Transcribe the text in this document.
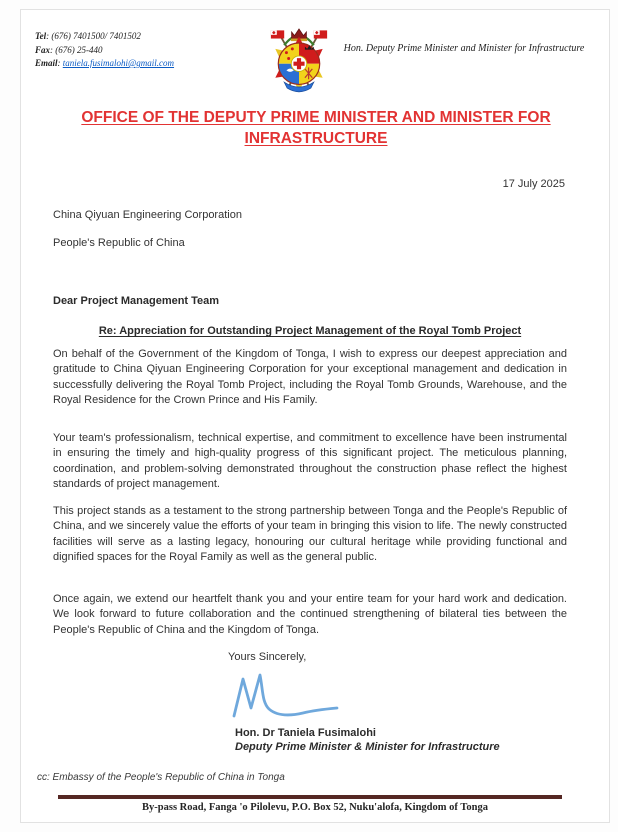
Tel: (676) 7401500/ 7401502
Fax: (676) 25-440
Email: taniela.fusimalohi@gmail.com
Hon. Deputy Prime Minister and Minister for Infrastructure
OFFICE OF THE DEPUTY PRIME MINISTER AND MINISTER FOR INFRASTRUCTURE
17 July 2025
China Qiyuan Engineering Corporation
People's Republic of China
Dear Project Management Team
Re: Appreciation for Outstanding Project Management of the Royal Tomb Project
On behalf of the Government of the Kingdom of Tonga, I wish to express our deepest appreciation and gratitude to China Qiyuan Engineering Corporation for your exceptional management and dedication in successfully delivering the Royal Tomb Project, including the Royal Tomb Grounds, Warehouse, and the Royal Residence for the Crown Prince and His Family.
Your team's professionalism, technical expertise, and commitment to excellence have been instrumental in ensuring the timely and high-quality progress of this significant project. The meticulous planning, coordination, and problem-solving demonstrated throughout the construction phase reflect the highest standards of project management.
This project stands as a testament to the strong partnership between Tonga and the People's Republic of China, and we sincerely value the efforts of your team in bringing this vision to life. The newly constructed facilities will serve as a lasting legacy, honouring our cultural heritage while providing functional and dignified spaces for the Royal Family as well as the general public.
Once again, we extend our heartfelt thank you and your entire team for your hard work and dedication. We look forward to future collaboration and the continued strengthening of bilateral ties between the People's Republic of China and the Kingdom of Tonga.
Yours Sincerely,
Hon. Dr Taniela Fusimalohi
Deputy Prime Minister & Minister for Infrastructure
cc: Embassy of the People's Republic of China in Tonga
By-pass Road, Fanga 'o Pilolevu, P.O. Box 52, Nuku'alofa, Kingdom of Tonga
